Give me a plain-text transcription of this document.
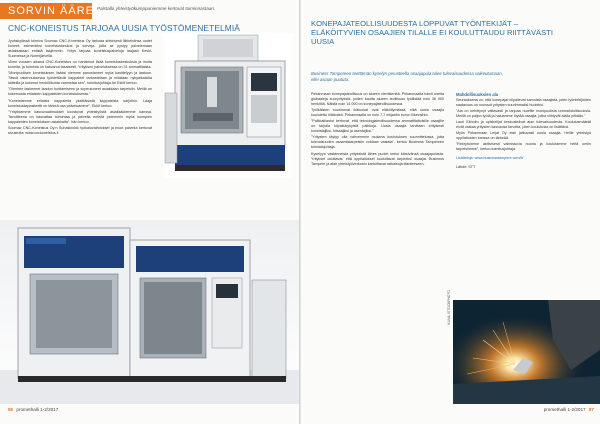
SORVIN ÄÄRESTÄ
Palstalla yhteistyökumppaniemme kertovat toiminnastaan.
CNC-KONEISTUS TARJOAA UUSIA TYÖSTÖMENETELMIÄ

Jyväskylässä toimiva Soomac CNC-Koneistus Oy tarkoaa siirtoisesti liikkeisiinsa uudet koneet; esimerkiksi koneistuskeskus ja sorveja, joilla se pystyy palvelemaan asiakkaitaan entistä laajemmin. Yritys tarjoaa koneistuspalveluja laajasti Keski-Suomessa ja Nurmijärvellä.

Viime vuosien aikana CNC-Koneistus on hankkinut lisää koneistuskeskuksia ja muita koneita, ja toiminta on kasvanut tasaisesti. Yrityksen palveluksessa on 31 ammattilaista.

"Monipuolisen koneistuksen lisäksi olemme panostaneet myös kasittelyyn ja laatuun. Tässä rakennuksessa työstettävät kappaleet tarkastetaan ja mitataan nykyaikaisilla laitteilla ja kokenut henkilökunta varmistaa sen", toimitusjohtaja Ari Eklöf kertoo.

"Olemme laskeneet laadun tuottamiseen ja sopeutuneet asiakkaan tarpeisiin. Meillä on kokemusta erilaisten kappaleiden koneistuksesta."

"Koneistamme erilaisia kappaleita yksittäisistä kappaleista sarjoihin. Laaja koneistuskapasiteetti on tärkeä osa palveluamme", Eklöf kertoo.

"Yrityksemme kasvuvaatimukset koostuvat yhteistyöstä asiakkaidemme kanssa. Tavoitteena on kasvattaa toimintaa ja palvella entistä paremmin myös isompien kappaleiden koneistuksen asiakkaita", hän kertoo.

Soomac CNC-Koneistus Oy:n Suhaskioluk työkaluvaihdokset ja muut palvelut kertovat sivustolta: www.cnckoneistus.fi

86 promethalli 1-2/2017
KONEPAJATEOLLISUUDESTA LOPPUVAT TYÖNTEKIJÄT – ELÄKÖITYVIEN OSAAJIEN TILALLE EI KOULUTTAUDU RIITTÄVÄSTI UUSIA
Business Tampereen teettämän kyselyn perusteella osaajapula tulee tulevaisuudessa vaikeutumaan, ellei asiaan puututa.

Pirkanmaan konepajateollisuus on alueen vientikenttä. Pirkanmaalla toimii useita globaaleja suuryrityksiä, joiden kautta alueen teollisuus työllistää noin 36 000 henkilöä. Näistä noin 14 000 on konepajateollisuudessa.

Työikäisten suurimmat ikäluokat ovat eläköitymässä, eikä uusia osaajia koulutettu riittävästi. Pirkanmaalla on noin 7,7 miljardin euron liikevaihto.

"Palkkatilastot kertovat, että teknologiateollisuudessa ammattitaitoisille osaajille on tarjolla kilpailukykyisiä palkkoja. Uusia osaajia tarvitaan erityisesti koneistajiksi, hitsaajiksi ja asentajiksi."

"Yritysten täytyy olla vahvemmin mukana koulutuksen suunnittelussa, jotta tulevaisuuden osaamistarpeisiin voidaan vastata", kertoo Business Tampereen toimialajohtaja.

Kyselyyn vastanneista yrityksistä lähes puolet kertoi kärsivänsä osaajapulasta. Yritykset odottavat, että oppilaitokset kouluttavat tarpeeksi osaajia. Business Tampere ja alan yhteistyöverkosto kartoittavat ratkaisuja tilanteeseen.

Mahdollisuuksien ala

Seurauksena on, että konepajat kilpailevat samoista osaajista, joten työntekijöiden saatavuus on noussut yritysten suurimmaksi huoleksi.

"Ala on kehittynyt valtavasti ja tarjoaa nuorille monipuolisia uramahdollisuuksia. Meillä on paljon työtä ja haluamme löytää osaajia, jotka viihtyvät alalla pitkään."

Lauri Ekholm ja opiskelijat keskustelivat alan tulevaisuudesta. Koulutusmäärät eivät vastaa yritysten kasvavaa tarvetta, joten koulutusta on lisättävä.

Myös Pirkanmaan Leijat Oy etsii jatkuvasti uusia osaajia. Heille yhteistyö oppilaitosten kanssa on tärkeää.

"Rekrytoimme aktiivisesti valmistuvia nuoria ja koulutamme heitä omiin tarpeisiimme", kertoo toimitusjohtaja.

Lisätietoja: www.businesstampere.com/fi/

Lähde: STT

KUVA: ISTOCKPHOTO
promethalli 1-2/2017 87
